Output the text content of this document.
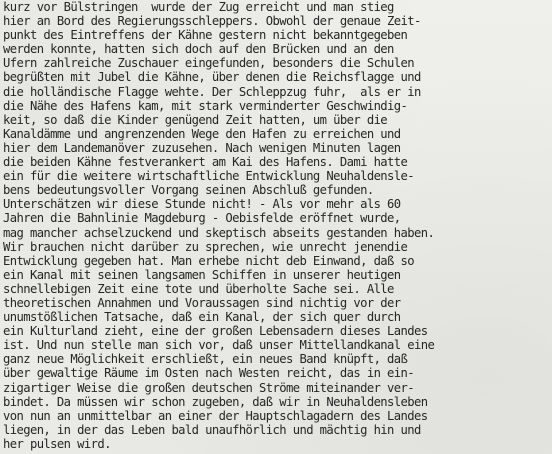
kurz vor Bülstringen  wurde der Zug erreicht und man stieg
hier an Bord des Regierungsschleppers. Obwohl der genaue Zeit-
punkt des Eintreffens der Kähne gestern nicht bekanntgegeben
werden konnte, hatten sich doch auf den Brücken und an den
Ufern zahlreiche Zuschauer eingefunden, besonders die Schulen
begrüßten mit Jubel die Kähne, über denen die Reichsflagge und
die holländische Flagge wehte. Der Schleppzug fuhr,  als er in
die Nähe des Hafens kam, mit stark verminderter Geschwindig-
keit, so daß die Kinder genügend Zeit hatten, um über die
Kanaldämme und angrenzenden Wege den Hafen zu erreichen und
hier dem Landemanöver zuzusehen. Nach wenigen Minuten lagen
die beiden Kähne festverankert am Kai des Hafens. Dami hatte
ein für die weitere wirtschaftliche Entwicklung Neuhaldensle-
bens bedeutungsvoller Vorgang seinen Abschluß gefunden.
Unterschätzen wir diese Stunde nicht! - Als vor mehr als 60
Jahren die Bahnlinie Magdeburg - Oebisfelde eröffnet wurde,
mag mancher achselzuckend und skeptisch abseits gestanden haben.
Wir brauchen nicht darüber zu sprechen, wie unrecht jenendie
Entwicklung gegeben hat. Man erhebe nicht deb Einwand, daß so
ein Kanal mit seinen langsamen Schiffen in unserer heutigen
schnellebigen Zeit eine tote und überholte Sache sei. Alle
theoretischen Annahmen und Voraussagen sind nichtig vor der
unumstößlichen Tatsache, daß ein Kanal, der sich quer durch
ein Kulturland zieht, eine der großen Lebensadern dieses Landes
ist. Und nun stelle man sich vor, daß unser Mittellandkanal eine
ganz neue Möglichkeit erschließt, ein neues Band knüpft, daß
über gewaltige Räume im Osten nach Westen reicht, das in ein-
zigartiger Weise die großen deutschen Ströme miteinander ver-
bindet. Da müssen wir schon zugeben, daß wir in Neuhaldensleben
von nun an unmittelbar an einer der Hauptschlagadern des Landes
liegen, in der das Leben bald unaufhörlich und mächtig hin und
her pulsen wird.
